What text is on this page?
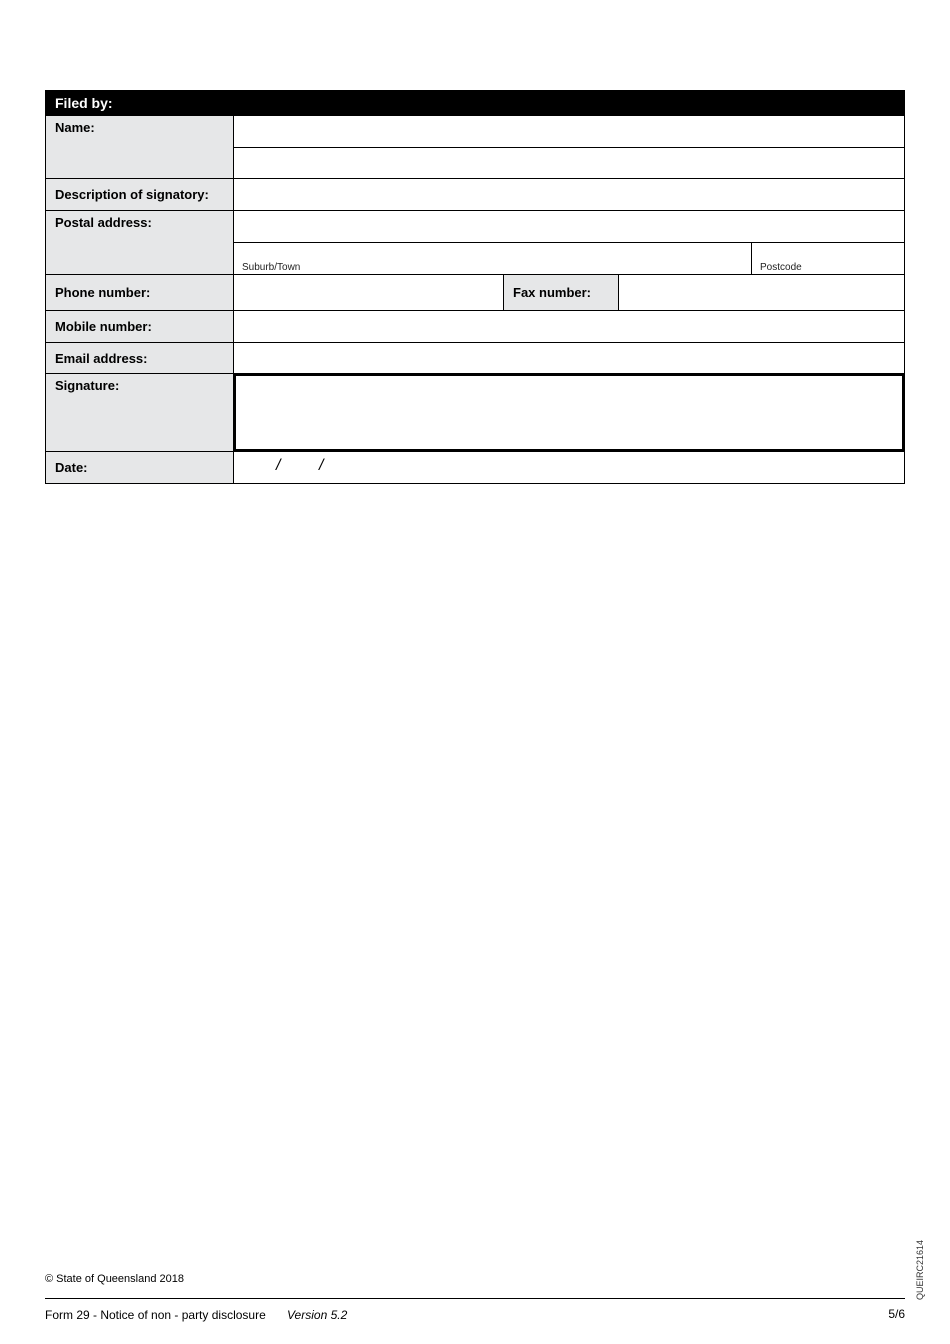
Filed by:
Name:
Description of signatory:
Postal address:
Suburb/Town	Postcode
Phone number:	Fax number:
Mobile number:
Email address:
Signature:
Date:	/ /
© State of Queensland 2018
Form 29 - Notice of non - party disclosure Version 5.2	5/6
QUEIRC21614
